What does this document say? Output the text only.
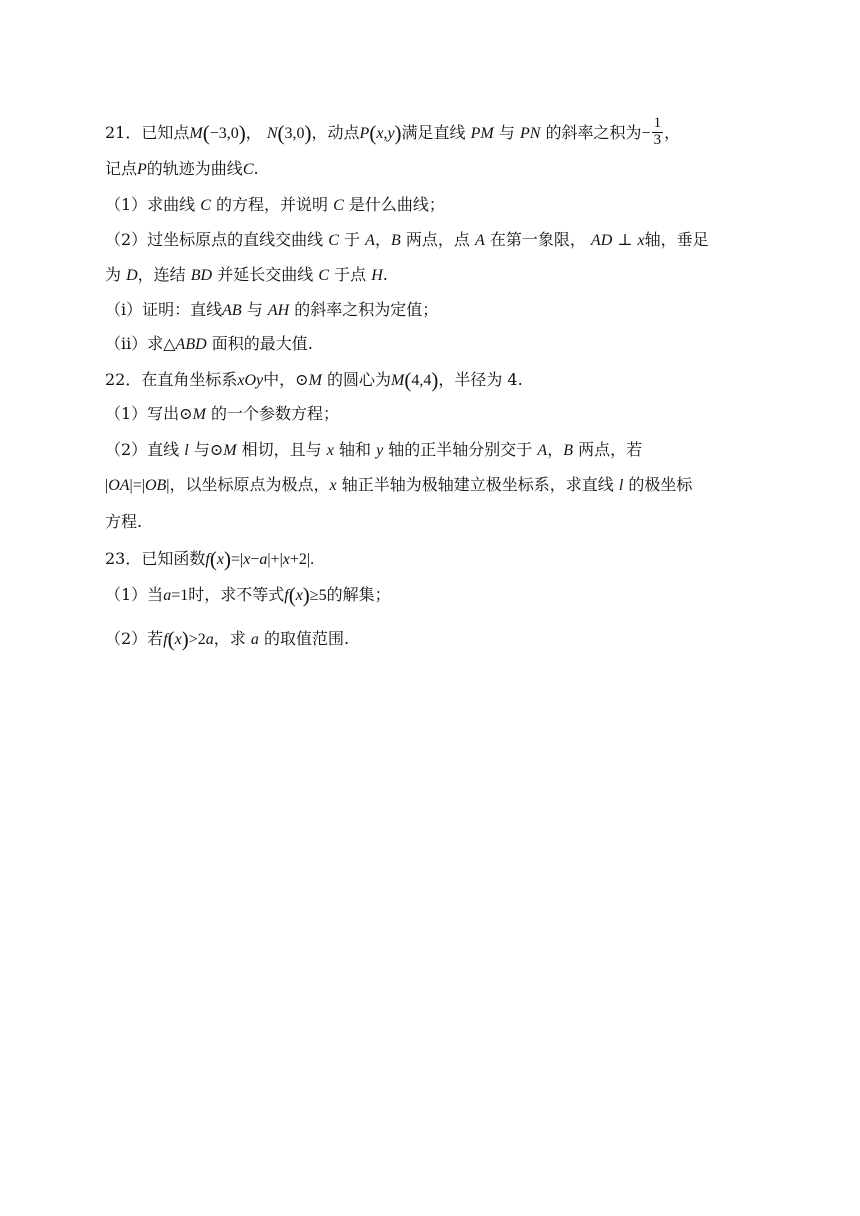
21．已知点M(−3,0)， N(3,0)，动点P(x,y)满足直线 PM 与 PN 的斜率之积为− $\frac{1}{3}$ ，
记点P的轨迹为曲线C.
（1）求曲线 C 的方程，并说明 C 是什么曲线；
（2）过坐标原点的直线交曲线 C 于 A，B 两点，点 A 在第一象限， AD ⊥ x轴，垂足
为 D，连结 BD 并延长交曲线 C 于点 H.
（i）证明：直线AB 与 AH 的斜率之积为定值；
（ii）求△ABD 面积的最大值.
22．在直角坐标系xOy中，⊙M 的圆心为M(4,4)，半径为 4.
（1）写出⊙M 的一个参数方程；
（2）直线 l 与⊙M 相切，且与 x 轴和 y 轴的正半轴分别交于 A，B 两点，若
|OA|=|OB|，以坐标原点为极点，x 轴正半轴为极轴建立极坐标系，求直线 l 的极坐标
方程.
23．已知函数f(x)=|x−a|+|x+2|.
（1）当a=1时，求不等式f(x)≥5的解集；
（2）若f(x)>2a，求 a 的取值范围.
